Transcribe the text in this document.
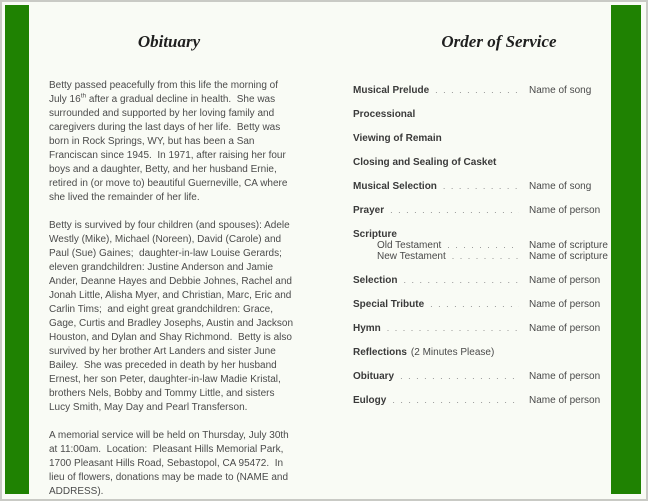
Obituary

Betty passed peacefully from this life the morning of July 16th after a gradual decline in health.  She was surrounded and supported by her loving family and caregivers during the last days of her life.  Betty was born in Rock Springs, WY, but has been a San Franciscan since 1945.  In 1971, after raising her four boys and a daughter, Betty, and her husband Ernie, retired in (or move to) beautiful Guerneville, CA where she lived the remainder of her life.

Betty is survived by four children (and spouses): Adele Westly (Mike), Michael (Noreen), David (Carole) and Paul (Sue) Gaines;  daughter-in-law Louise Gerards;  eleven grandchildren: Justine Anderson and Jamie Ander, Deanne Hayes and Debbie Johnes, Rachel and Jonah Little, Alisha Myer, and Christian, Marc, Eric and Carlin Tims;  and eight great grandchildren: Grace, Gage, Curtis and Bradley Josephs, Austin and Jackson Houston, and Dylan and Shay Richmond.  Betty is also survived by her brother Art Landers and sister June Bailey.  She was preceded in death by her husband Ernest, her son Peter, daughter-in-law Madie Kristal, brothers Nels, Bobby and Tommy Little, and sisters Lucy Smith, May Day and Pearl Transferson.

A memorial service will be held on Thursday, July 30th at 11:00am.  Location:  Pleasant Hills Memorial Park, 1700 Pleasant Hills Road, Sebastopol, CA 95472.  In lieu of flowers, donations may be made to (NAME and ADDRESS).

Order of Service
Musical Prelude . . .	Name of song
Processional
Viewing of Remain
Closing and Sealing of Casket
Musical Selection . . .	Name of song
Prayer . . .	Name of person
Scripture
Old Testament . . .	Name of scripture
New Testament . . .	Name of scripture
Selection . . .	Name of person
Special Tribute . . .	Name of person
Hymn . . .	Name of person
Reflections (2 Minutes Please)
Obituary . . .	Name of person
Eulogy . . .	Name of person
